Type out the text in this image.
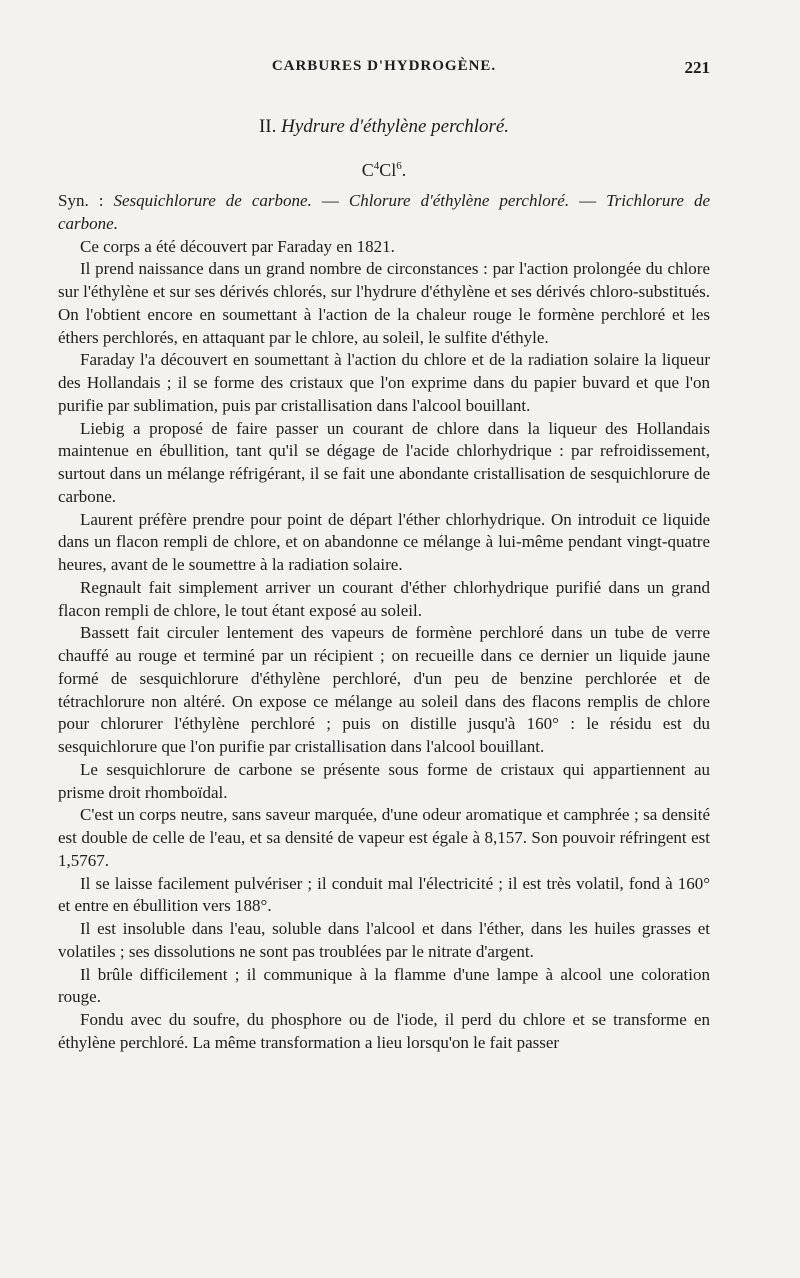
CARBURES D'HYDROGÈNE.	221
II. Hydrure d'éthylène perchloré.
$C^4Cl^6$.

Syn. : Sesquichlorure de carbone. — Chlorure d'éthylène perchloré. — Trichlorure de carbone.

Ce corps a été découvert par Faraday en 1821.

Il prend naissance dans un grand nombre de circonstances : par l'action prolongée du chlore sur l'éthylène et sur ses dérivés chlorés, sur l'hydrure d'éthylène et ses dérivés chloro-substitués. On l'obtient encore en soumettant à l'action de la chaleur rouge le formène perchloré et les éthers perchlorés, en attaquant par le chlore, au soleil, le sulfite d'éthyle.

Faraday l'a découvert en soumettant à l'action du chlore et de la radiation solaire la liqueur des Hollandais ; il se forme des cristaux que l'on exprime dans du papier buvard et que l'on purifie par sublimation, puis par cristallisation dans l'alcool bouillant.

Liebig a proposé de faire passer un courant de chlore dans la liqueur des Hollandais maintenue en ébullition, tant qu'il se dégage de l'acide chlorhydrique : par refroidissement, surtout dans un mélange réfrigérant, il se fait une abondante cristallisation de sesquichlorure de carbone.

Laurent préfère prendre pour point de départ l'éther chlorhydrique. On introduit ce liquide dans un flacon rempli de chlore, et on abandonne ce mélange à lui-même pendant vingt-quatre heures, avant de le soumettre à la radiation solaire.

Regnault fait simplement arriver un courant d'éther chlorhydrique purifié dans un grand flacon rempli de chlore, le tout étant exposé au soleil.

Bassett fait circuler lentement des vapeurs de formène perchloré dans un tube de verre chauffé au rouge et terminé par un récipient ; on recueille dans ce dernier un liquide jaune formé de sesquichlorure d'éthylène perchloré, d'un peu de benzine perchlorée et de tétrachlorure non altéré. On expose ce mélange au soleil dans des flacons remplis de chlore pour chlorurer l'éthylène perchloré ; puis on distille jusqu'à 160° : le résidu est du sesquichlorure que l'on purifie par cristallisation dans l'alcool bouillant.

Le sesquichlorure de carbone se présente sous forme de cristaux qui appartiennent au prisme droit rhomboïdal.

C'est un corps neutre, sans saveur marquée, d'une odeur aromatique et camphrée ; sa densité est double de celle de l'eau, et sa densité de vapeur est égale à 8,157. Son pouvoir réfringent est 1,5767.

Il se laisse facilement pulvériser ; il conduit mal l'électricité ; il est très volatil, fond à 160° et entre en ébullition vers 188°.

Il est insoluble dans l'eau, soluble dans l'alcool et dans l'éther, dans les huiles grasses et volatiles ; ses dissolutions ne sont pas troublées par le nitrate d'argent.

Il brûle difficilement ; il communique à la flamme d'une lampe à alcool une coloration rouge.

Fondu avec du soufre, du phosphore ou de l'iode, il perd du chlore et se transforme en éthylène perchloré. La même transformation a lieu lorsqu'on le fait passer
